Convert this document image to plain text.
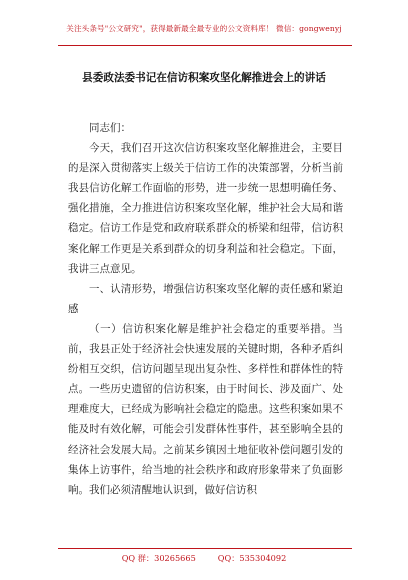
关注头条号"公文研究"，获得最新最全最专业的公文资料库！ 微信：gongwenyj
县委政法委书记在信访积案攻坚化解推进会上的讲话

同志们：

今天，我们召开这次信访积案攻坚化解推进会，主要目的是深入贯彻落实上级关于信访工作的决策部署，分析当前我县信访化解工作面临的形势，进一步统一思想明确任务、强化措施，全力推进信访积案攻坚化解，维护社会大局和谐稳定。信访工作是党和政府联系群众的桥梁和纽带，信访积案化解工作更是关系到群众的切身利益和社会稳定。下面，我讲三点意见。

一、认清形势，增强信访积案攻坚化解的责任感和紧迫感

（一）信访积案化解是维护社会稳定的重要举措。当前，我县正处于经济社会快速发展的关键时期，各种矛盾纠纷相互交织，信访问题呈现出复杂性、多样性和群体性的特点。一些历史遗留的信访积案，由于时间长、涉及面广、处理难度大，已经成为影响社会稳定的隐患。这些积案如果不能及时有效化解，可能会引发群体性事件，甚至影响全县的经济社会发展大局。之前某乡镇因土地征收补偿问题引发的集体上访事件，给当地的社会秩序和政府形象带来了负面影响。我们必须清醒地认识到，做好信访积

QQ 群：30265665	QQ：535304092
